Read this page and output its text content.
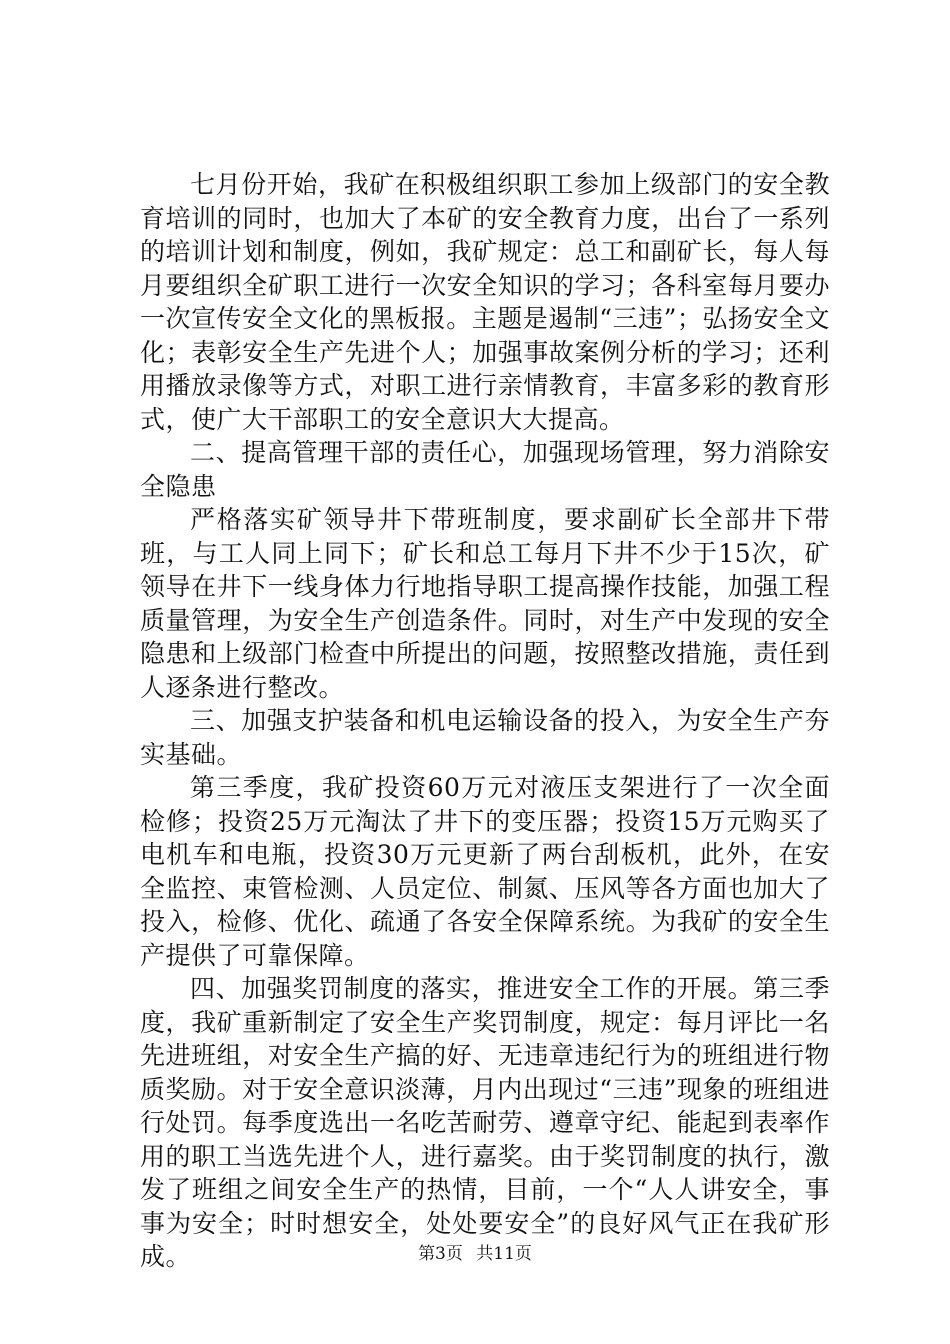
七月份开始，我矿在积极组织职工参加上级部门的安全教育培训的同时，也加大了本矿的安全教育力度，出台了一系列的培训计划和制度，例如，我矿规定：总工和副矿长，每人每月要组织全矿职工进行一次安全知识的学习；各科室每月要办一次宣传安全文化的黑板报。主题是遏制“三违”；弘扬安全文化；表彰安全生产先进个人；加强事故案例分析的学习；还利用播放录像等方式，对职工进行亲情教育，丰富多彩的教育形式，使广大干部职工的安全意识大大提高。

二、提高管理干部的责任心，加强现场管理，努力消除安全隐患

严格落实矿领导井下带班制度，要求副矿长全部井下带班，与工人同上同下；矿长和总工每月下井不少于15次，矿领导在井下一线身体力行地指导职工提高操作技能，加强工程质量管理，为安全生产创造条件。同时，对生产中发现的安全隐患和上级部门检查中所提出的问题，按照整改措施，责任到人逐条进行整改。

三、加强支护装备和机电运输设备的投入，为安全生产夯实基础。

第三季度，我矿投资60万元对液压支架进行了一次全面检修；投资25万元淘汰了井下的变压器；投资15万元购买了电机车和电瓶，投资30万元更新了两台刮板机，此外，在安全监控、束管检测、人员定位、制氮、压风等各方面也加大了投入，检修、优化、疏通了各安全保障系统。为我矿的安全生产提供了可靠保障。

四、加强奖罚制度的落实，推进安全工作的开展。第三季度，我矿重新制定了安全生产奖罚制度，规定：每月评比一名先进班组，对安全生产搞的好、无违章违纪行为的班组进行物质奖励。对于安全意识淡薄，月内出现过“三违”现象的班组进行处罚。每季度选出一名吃苦耐劳、遵章守纪、能起到表率作用的职工当选先进个人，进行嘉奖。由于奖罚制度的执行，激发了班组之间安全生产的热情，目前，一个“人人讲安全，事事为安全；时时想安全，处处要安全”的良好风气正在我矿形成。	第3页 共11页
